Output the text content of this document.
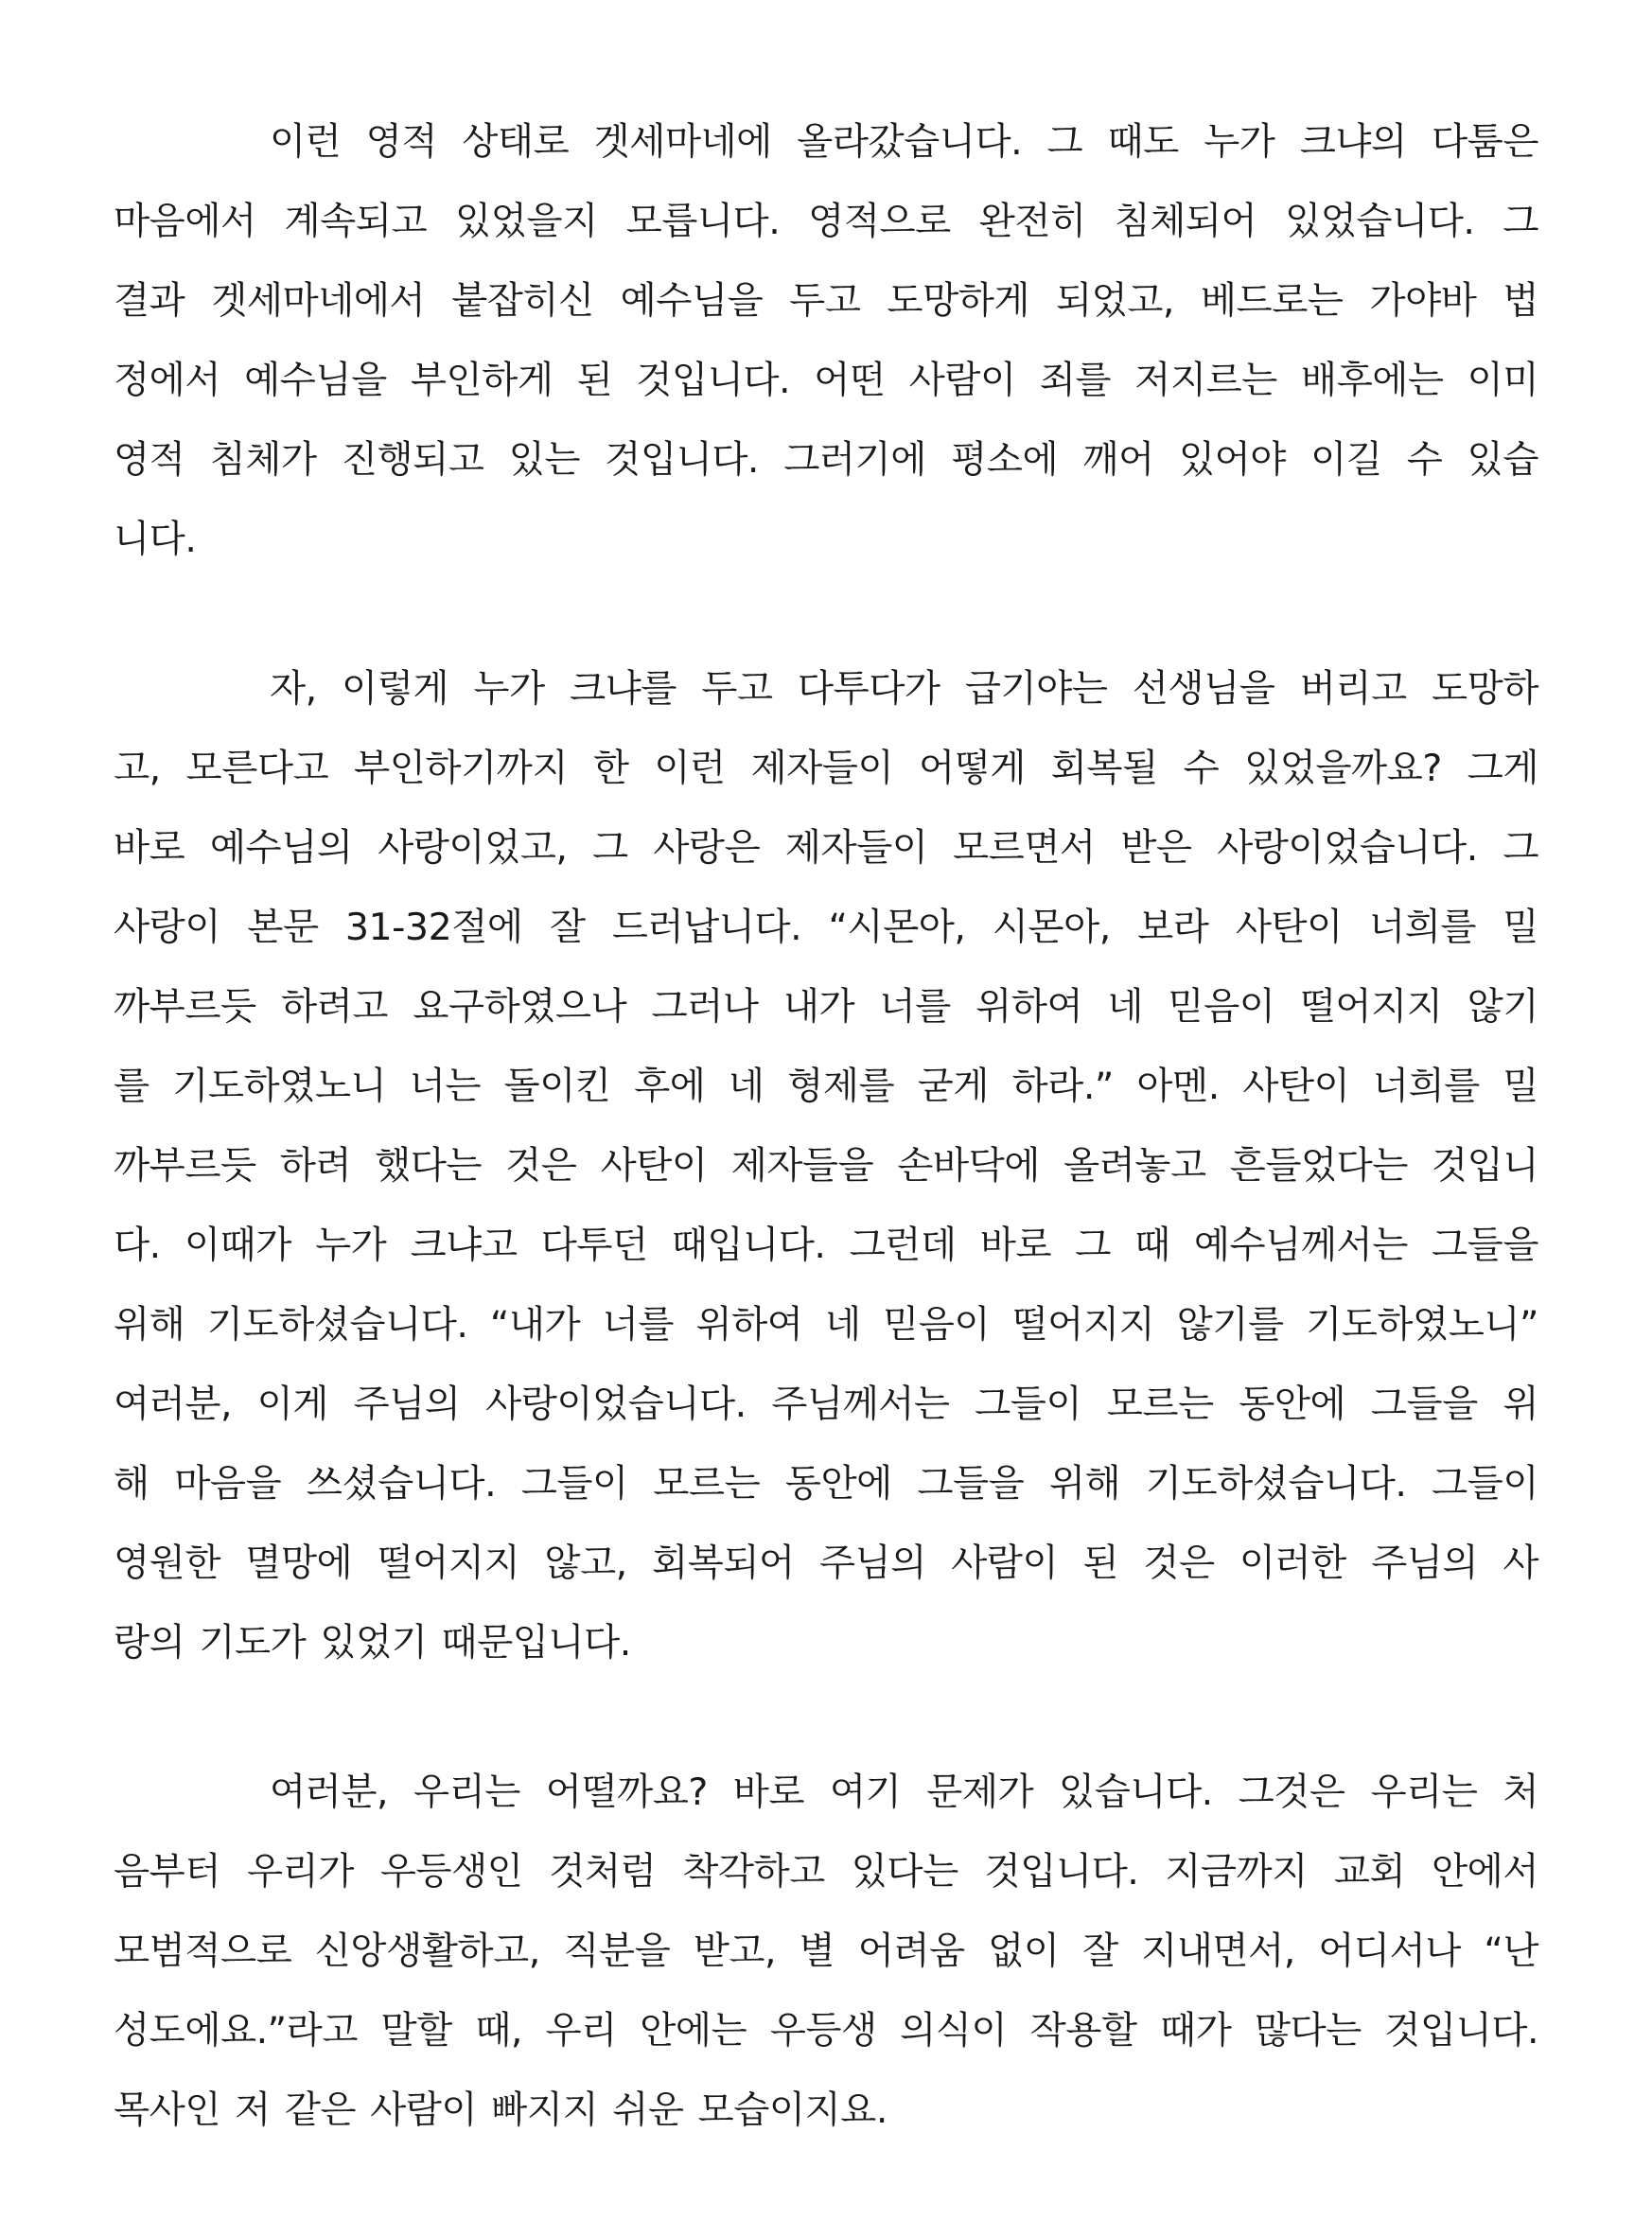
이런 영적 상태로 겟세마네에 올라갔습니다. 그 때도 누가 크냐의 다툼은
마음에서 계속되고 있었을지 모릅니다. 영적으로 완전히 침체되어 있었습니다. 그
결과 겟세마네에서 붙잡히신 예수님을 두고 도망하게 되었고, 베드로는 가야바 법
정에서 예수님을 부인하게 된 것입니다. 어떤 사람이 죄를 저지르는 배후에는 이미
영적 침체가 진행되고 있는 것입니다. 그러기에 평소에 깨어 있어야 이길 수 있습
니다.

자, 이렇게 누가 크냐를 두고 다투다가 급기야는 선생님을 버리고 도망하
고, 모른다고 부인하기까지 한 이런 제자들이 어떻게 회복될 수 있었을까요? 그게
바로 예수님의 사랑이었고, 그 사랑은 제자들이 모르면서 받은 사랑이었습니다. 그
사랑이 본문 31-32절에 잘 드러납니다. “시몬아, 시몬아, 보라 사탄이 너희를 밀
까부르듯 하려고 요구하였으나 그러나 내가 너를 위하여 네 믿음이 떨어지지 않기
를 기도하였노니 너는 돌이킨 후에 네 형제를 굳게 하라.” 아멘. 사탄이 너희를 밀
까부르듯 하려 했다는 것은 사탄이 제자들을 손바닥에 올려놓고 흔들었다는 것입니
다. 이때가 누가 크냐고 다투던 때입니다. 그런데 바로 그 때 예수님께서는 그들을
위해 기도하셨습니다. “내가 너를 위하여 네 믿음이 떨어지지 않기를 기도하였노니”
여러분, 이게 주님의 사랑이었습니다. 주님께서는 그들이 모르는 동안에 그들을 위
해 마음을 쓰셨습니다. 그들이 모르는 동안에 그들을 위해 기도하셨습니다. 그들이
영원한 멸망에 떨어지지 않고, 회복되어 주님의 사람이 된 것은 이러한 주님의 사
랑의 기도가 있었기 때문입니다.

여러분, 우리는 어떨까요? 바로 여기 문제가 있습니다. 그것은 우리는 처
음부터 우리가 우등생인 것처럼 착각하고 있다는 것입니다. 지금까지 교회 안에서
모범적으로 신앙생활하고, 직분을 받고, 별 어려움 없이 잘 지내면서, 어디서나 “난
성도에요.”라고 말할 때, 우리 안에는 우등생 의식이 작용할 때가 많다는 것입니다.
목사인 저 같은 사람이 빠지지 쉬운 모습이지요.
